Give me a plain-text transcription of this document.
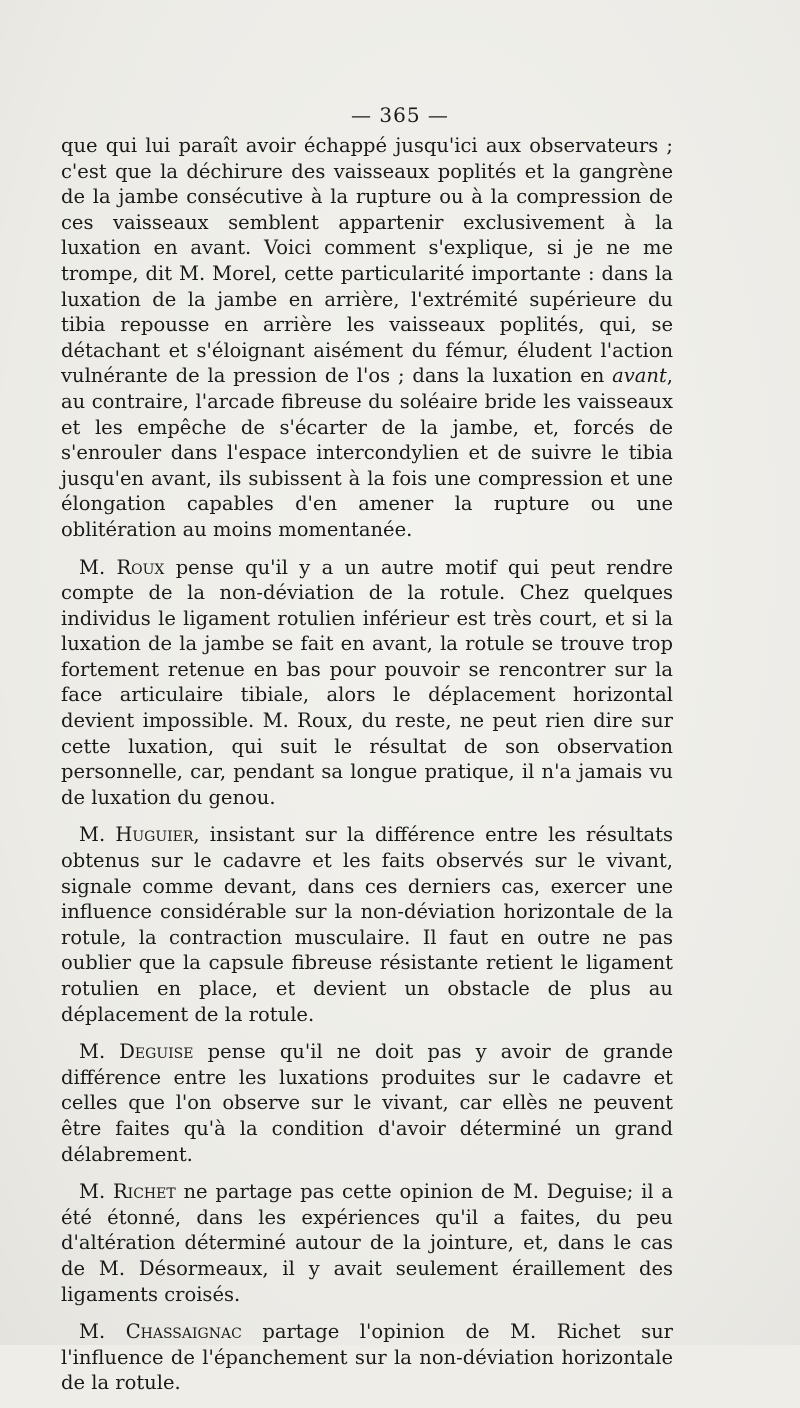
— 365 —

que qui lui paraît avoir échappé jusqu'ici aux observateurs ; c'est que la déchirure des vaisseaux poplités et la gangrène de la jambe consécutive à la rupture ou à la compression de ces vaisseaux semblent appartenir exclusivement à la luxation en avant. Voici comment s'explique, si je ne me trompe, dit M. Morel, cette particularité importante : dans la luxation de la jambe en arrière, l'extrémité supérieure du tibia repousse en arrière les vaisseaux poplités, qui, se détachant et s'éloignant aisément du fémur, éludent l'action vulnérante de la pression de l'os ; dans la luxation en avant, au contraire, l'arcade fibreuse du soléaire bride les vaisseaux et les empêche de s'écarter de la jambe, et, forcés de s'enrouler dans l'espace intercondylien et de suivre le tibia jusqu'en avant, ils subissent à la fois une compression et une élongation capables d'en amener la rupture ou une oblitération au moins momentanée.

M. Roux pense qu'il y a un autre motif qui peut rendre compte de la non-déviation de la rotule. Chez quelques individus le ligament rotulien inférieur est très court, et si la luxation de la jambe se fait en avant, la rotule se trouve trop fortement retenue en bas pour pouvoir se rencontrer sur la face articulaire tibiale, alors le déplacement horizontal devient impossible. M. Roux, du reste, ne peut rien dire sur cette luxation, qui suit le résultat de son observation personnelle, car, pendant sa longue pratique, il n'a jamais vu de luxation du genou.

M. Huguier, insistant sur la différence entre les résultats obtenus sur le cadavre et les faits observés sur le vivant, signale comme devant, dans ces derniers cas, exercer une influence considérable sur la non-déviation horizontale de la rotule, la contraction musculaire. Il faut en outre ne pas oublier que la capsule fibreuse résistante retient le ligament rotulien en place, et devient un obstacle de plus au déplacement de la rotule.

M. Deguise pense qu'il ne doit pas y avoir de grande différence entre les luxations produites sur le cadavre et celles que l'on observe sur le vivant, car ellès ne peuvent être faites qu'à la condition d'avoir déterminé un grand délabrement.

M. Richet ne partage pas cette opinion de M. Deguise; il a été étonné, dans les expériences qu'il a faites, du peu d'altération déterminé autour de la jointure, et, dans le cas de M. Désormeaux, il y avait seulement éraillement des ligaments croisés.

M. Chassaignac partage l'opinion de M. Richet sur l'influence de l'épanchement sur la non-déviation horizontale de la rotule.
